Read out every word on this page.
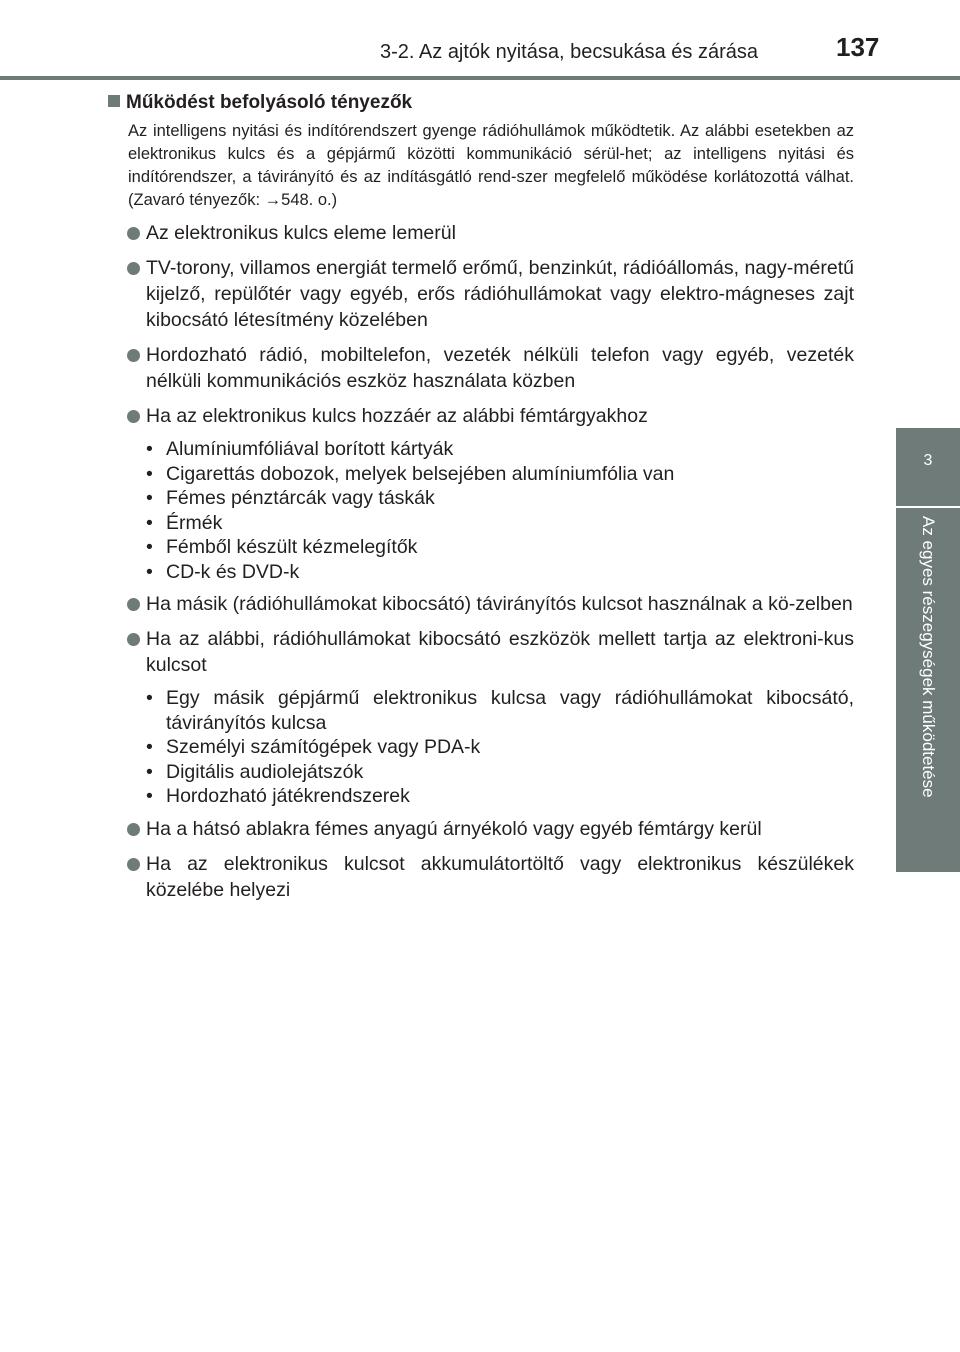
3-2. Az ajtók nyitása, becsukása és zárása	137
3
Az egyes részegységek működtetése
Működést befolyásoló tényezők

Az intelligens nyitási és indítórendszert gyenge rádióhullámok működtetik. Az alábbi esetekben az elektronikus kulcs és a gépjármű közötti kommunikáció sérül-het; az intelligens nyitási és indítórendszer, a távirányító és az indításgátló rend-szer megfelelő működése korlátozottá válhat. (Zavaró tényezők: →548. o.)

Az elektronikus kulcs eleme lemerül
TV-torony, villamos energiát termelő erőmű, benzinkút, rádióállomás, nagy-méretű kijelző, repülőtér vagy egyéb, erős rádióhullámokat vagy elektro-mágneses zajt kibocsátó létesítmény közelében
Hordozható rádió, mobiltelefon, vezeték nélküli telefon vagy egyéb, vezeték nélküli kommunikációs eszköz használata közben
Ha az elektronikus kulcs hozzáér az alábbi fémtárgyakhoz
• Alumíniumfóliával borított kártyák
• Cigarettás dobozok, melyek belsejében alumíniumfólia van
• Fémes pénztárcák vagy táskák
• Érmék
• Fémből készült kézmelegítők
• CD-k és DVD-k
Ha másik (rádióhullámokat kibocsátó) távirányítós kulcsot használnak a kö-zelben
Ha az alábbi, rádióhullámokat kibocsátó eszközök mellett tartja az elektroni-kus kulcsot
• Egy másik gépjármű elektronikus kulcsa vagy rádióhullámokat kibocsátó, távirányítós kulcsa
• Személyi számítógépek vagy PDA-k
• Digitális audiolejátszók
• Hordozható játékrendszerek
Ha a hátsó ablakra fémes anyagú árnyékoló vagy egyéb fémtárgy kerül
Ha az elektronikus kulcsot akkumulátortöltő vagy elektronikus készülékek közelébe helyezi
